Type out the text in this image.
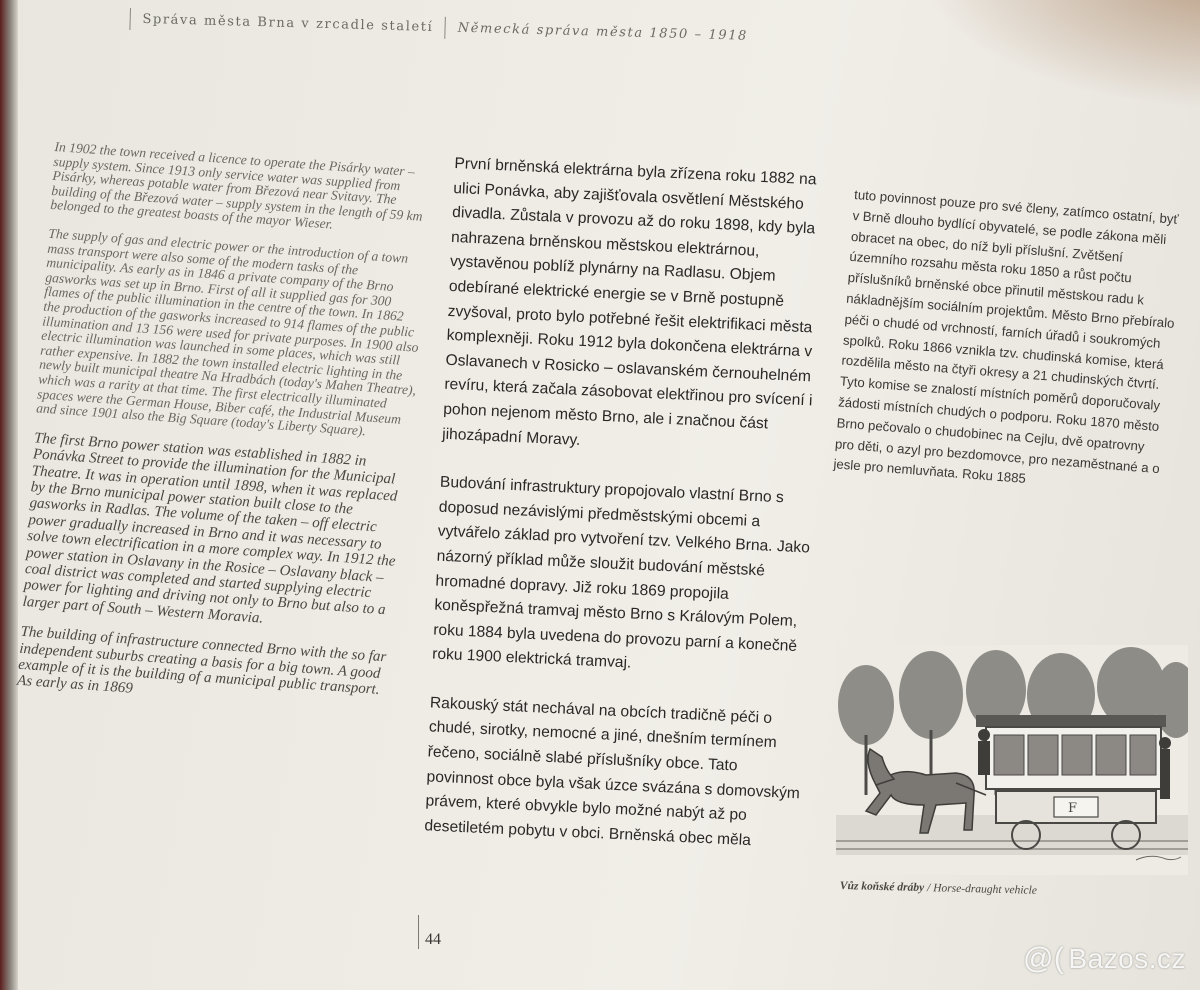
Správa města Brna v zrcadle staletí Německá správa města 1850 – 1918

In 1902 the town received a licence to operate the Pisárky water – supply system. Since 1913 only service water was supplied from Pisárky, whereas potable water from Březová near Svitavy. The building of the Březová water – supply system in the length of 59 km belonged to the greatest boasts of the mayor Wieser.

The supply of gas and electric power or the introduction of a town mass transport were also some of the modern tasks of the municipality. As early as in 1846 a private company of the Brno gasworks was set up in Brno. First of all it supplied gas for 300 flames of the public illumination in the centre of the town. In 1862 the production of the gasworks increased to 914 flames of the public illumination and 13 156 were used for private purposes. In 1900 also electric illumination was launched in some places, which was still rather expensive. In 1882 the town installed electric lighting in the newly built municipal theatre Na Hradbách (today's Mahen Theatre), which was a rarity at that time. The first electrically illuminated spaces were the German House, Biber café, the Industrial Museum and since 1901 also the Big Square (today's Liberty Square).

The first Brno power station was established in 1882 in Ponávka Street to provide the illumination for the Municipal Theatre. It was in operation until 1898, when it was replaced by the Brno municipal power station built close to the gasworks in Radlas. The volume of the taken – off electric power gradually increased in Brno and it was necessary to solve town electrification in a more complex way. In 1912 the power station in Oslavany in the Rosice – Oslavany black – coal district was completed and started supplying electric power for lighting and driving not only to Brno but also to a larger part of South – Western Moravia.

The building of infrastructure connected Brno with the so far independent suburbs creating a basis for a big town. A good example of it is the building of a municipal public transport. As early as in 1869

První brněnská elektrárna byla zřízena roku 1882 na ulici Ponávka, aby zajišťovala osvětlení Městského divadla. Zůstala v provozu až do roku 1898, kdy byla nahrazena brněnskou městskou elektrárnou, vystavěnou poblíž plynárny na Radlasu. Objem odebírané elektrické energie se v Brně postupně zvyšoval, proto bylo potřebné řešit elektrifikaci města komplexněji. Roku 1912 byla dokončena elektrárna v Oslavanech v Rosicko – oslavanském černouhelném revíru, která začala zásobovat elektřinou pro svícení i pohon nejenom město Brno, ale i značnou část jihozápadní Moravy.

Budování infrastruktury propojovalo vlastní Brno s doposud nezávislými předměstskými obcemi a vytvářelo základ pro vytvoření tzv. Velkého Brna. Jako názorný příklad může sloužit budování městské hromadné dopravy. Již roku 1869 propojila koněspřežná tramvaj město Brno s Královým Polem, roku 1884 byla uvedena do provozu parní a konečně roku 1900 elektrická tramvaj.

Rakouský stát nechával na obcích tradičně péči o chudé, sirotky, nemocné a jiné, dnešním termínem řečeno, sociálně slabé příslušníky obce. Tato povinnost obce byla však úzce svázána s domovským právem, které obvykle bylo možné nabýt až po desetiletém pobytu v obci. Brněnská obec měla

tuto povinnost pouze pro své členy, zatímco ostatní, byť v Brně dlouho bydlící obyvatelé, se podle zákona měli obracet na obec, do níž byli příslušní. Zvětšení územního rozsahu města roku 1850 a růst počtu příslušníků brněnské obce přinutil městskou radu k nákladnějším sociálním projektům. Město Brno přebíralo péči o chudé od vrchností, farních úřadů i soukromých spolků. Roku 1866 vznikla tzv. chudinská komise, která rozdělila město na čtyři okresy a 21 chudinských čtvrtí. Tyto komise se znalostí místních poměrů doporučovaly žádosti místních chudých o podporu. Roku 1870 město Brno pečovalo o chudobinec na Cejlu, dvě opatrovny pro děti, o azyl pro bezdomovce, pro nezaměstnané a o jesle pro nemluvňata. Roku 1885

F
Vůz koňské dráby / Horse-draught vehicle
44
@( Bazos.cz
